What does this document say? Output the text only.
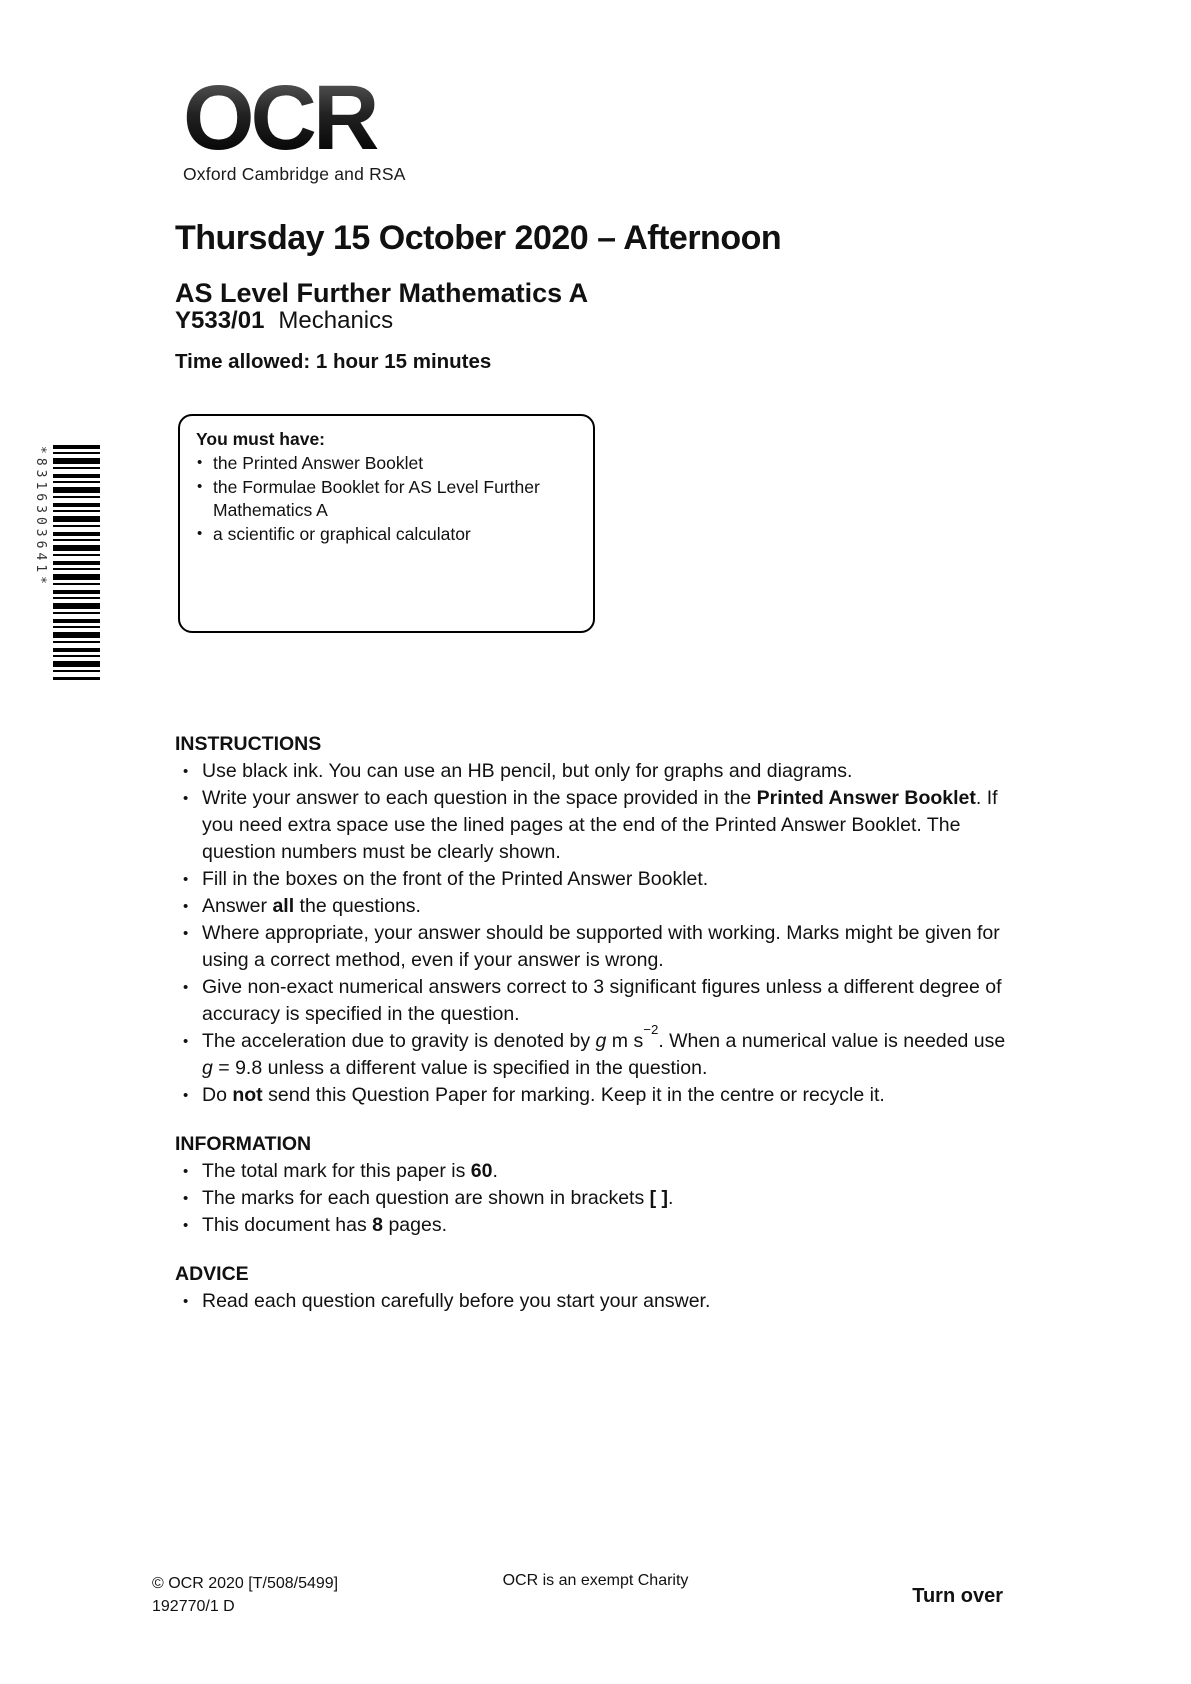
OCR
Oxford Cambridge and RSA
Thursday 15 October 2020 – Afternoon
AS Level Further Mathematics A
Y533/01 Mechanics
Time allowed: 1 hour 15 minutes
*8316303641*

You must have:

• the Printed Answer Booklet
• the Formulae Booklet for AS Level Further Mathematics A
• a scientific or graphical calculator
INSTRUCTIONS
• Use black ink. You can use an HB pencil, but only for graphs and diagrams.
• Write your answer to each question in the space provided in the Printed Answer Booklet. If you need extra space use the lined pages at the end of the Printed Answer Booklet. The question numbers must be clearly shown.
• Fill in the boxes on the front of the Printed Answer Booklet.
• Answer all the questions.
• Where appropriate, your answer should be supported with working. Marks might be given for using a correct method, even if your answer is wrong.
• Give non-exact numerical answers correct to 3 significant figures unless a different degree of accuracy is specified in the question.
• The acceleration due to gravity is denoted by g m $s^{-2}$. When a numerical value is needed use g = 9.8 unless a different value is specified in the question.
• Do not send this Question Paper for marking. Keep it in the centre or recycle it.
INFORMATION
• The total mark for this paper is 60.
• The marks for each question are shown in brackets [ ].
• This document has 8 pages.
ADVICE
• Read each question carefully before you start your answer.
© OCR 2020 [T/508/5499]
192770/1 D
OCR is an exempt Charity
Turn over
